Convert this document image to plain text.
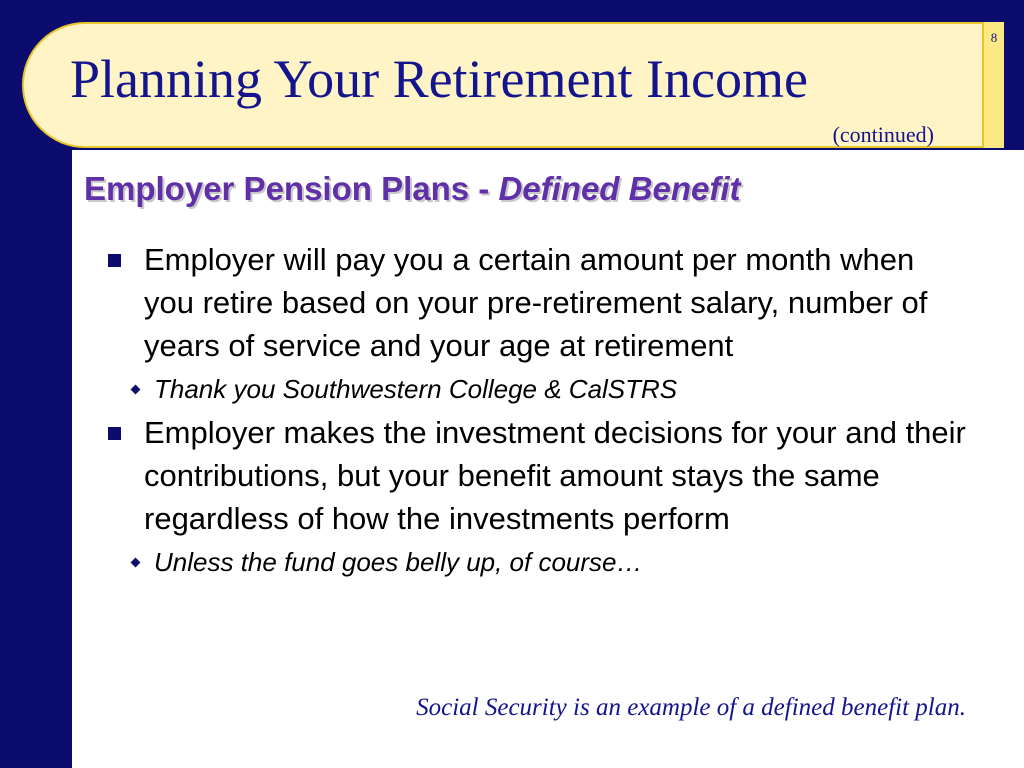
8
Planning Your Retirement Income
(continued)
Employer Pension Plans - Defined Benefit

Employer will pay you a certain amount per month when you retire based on your pre-retirement salary, number of years of service and your age at retirement

Thank you Southwestern College & CalSTRS

Employer makes the investment decisions for your and their contributions, but your benefit amount stays the same regardless of how the investments perform

Unless the fund goes belly up, of course…

Social Security is an example of a defined benefit plan.
